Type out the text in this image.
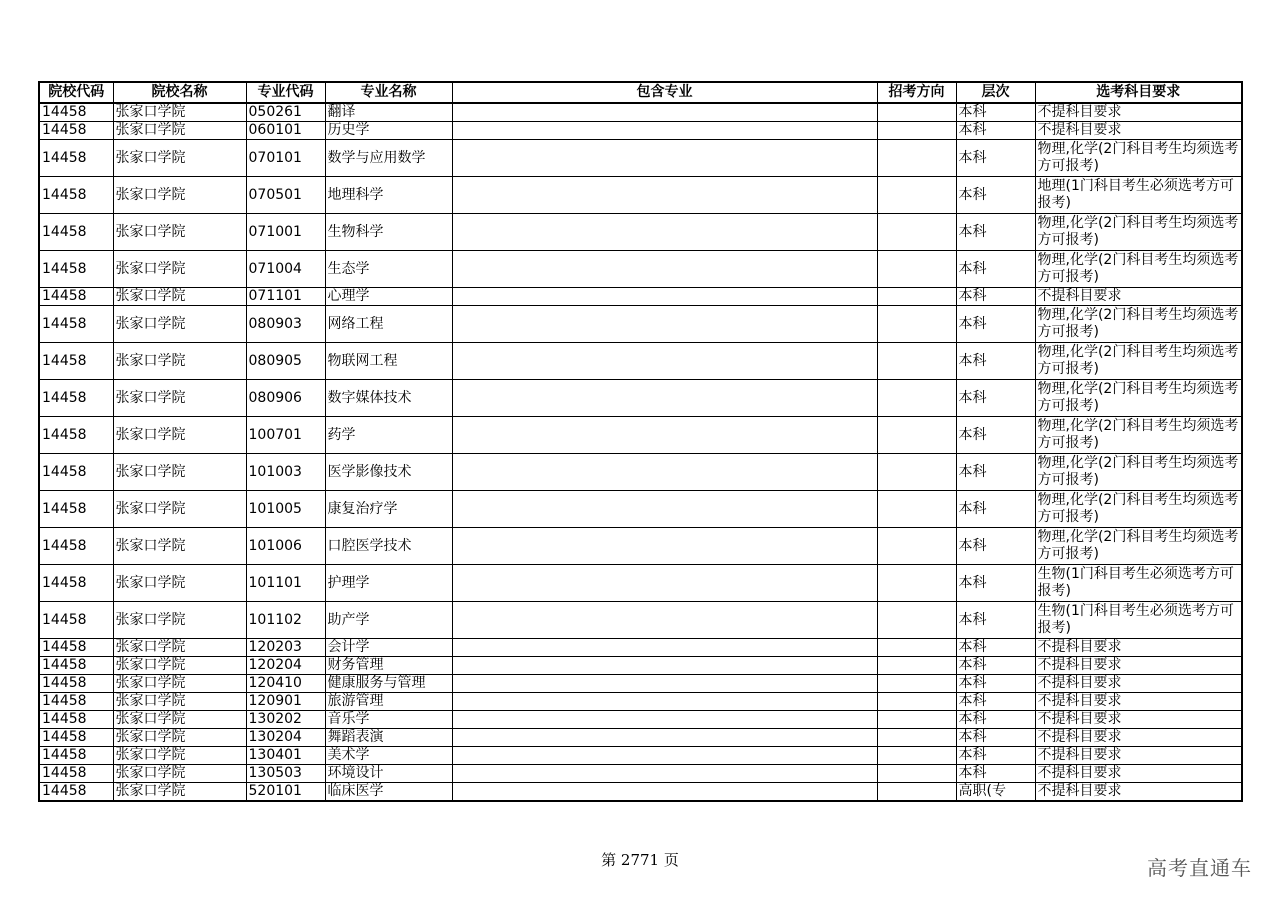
院校代码	院校名称	专业代码	专业名称	包含专业	招考方向	层次	选考科目要求
14458	张家口学院	050261	翻译			本科	不提科目要求
14458	张家口学院	060101	历史学			本科	不提科目要求
14458	张家口学院	070101	数学与应用数学			本科	物理,化学(2门科目考生均须选考方可报考)
14458	张家口学院	070501	地理科学			本科	地理(1门科目考生必须选考方可报考)
14458	张家口学院	071001	生物科学			本科	物理,化学(2门科目考生均须选考方可报考)
14458	张家口学院	071004	生态学			本科	物理,化学(2门科目考生均须选考方可报考)
14458	张家口学院	071101	心理学			本科	不提科目要求
14458	张家口学院	080903	网络工程			本科	物理,化学(2门科目考生均须选考方可报考)
14458	张家口学院	080905	物联网工程			本科	物理,化学(2门科目考生均须选考方可报考)
14458	张家口学院	080906	数字媒体技术			本科	物理,化学(2门科目考生均须选考方可报考)
14458	张家口学院	100701	药学			本科	物理,化学(2门科目考生均须选考方可报考)
14458	张家口学院	101003	医学影像技术			本科	物理,化学(2门科目考生均须选考方可报考)
14458	张家口学院	101005	康复治疗学			本科	物理,化学(2门科目考生均须选考方可报考)
14458	张家口学院	101006	口腔医学技术			本科	物理,化学(2门科目考生均须选考方可报考)
14458	张家口学院	101101	护理学			本科	生物(1门科目考生必须选考方可报考)
14458	张家口学院	101102	助产学			本科	生物(1门科目考生必须选考方可报考)
14458	张家口学院	120203	会计学			本科	不提科目要求
14458	张家口学院	120204	财务管理			本科	不提科目要求
14458	张家口学院	120410	健康服务与管理			本科	不提科目要求
14458	张家口学院	120901	旅游管理			本科	不提科目要求
14458	张家口学院	130202	音乐学			本科	不提科目要求
14458	张家口学院	130204	舞蹈表演			本科	不提科目要求
14458	张家口学院	130401	美术学			本科	不提科目要求
14458	张家口学院	130503	环境设计			本科	不提科目要求
14458	张家口学院	520101	临床医学			高职(专	不提科目要求
第 2771 页	高考直通车
